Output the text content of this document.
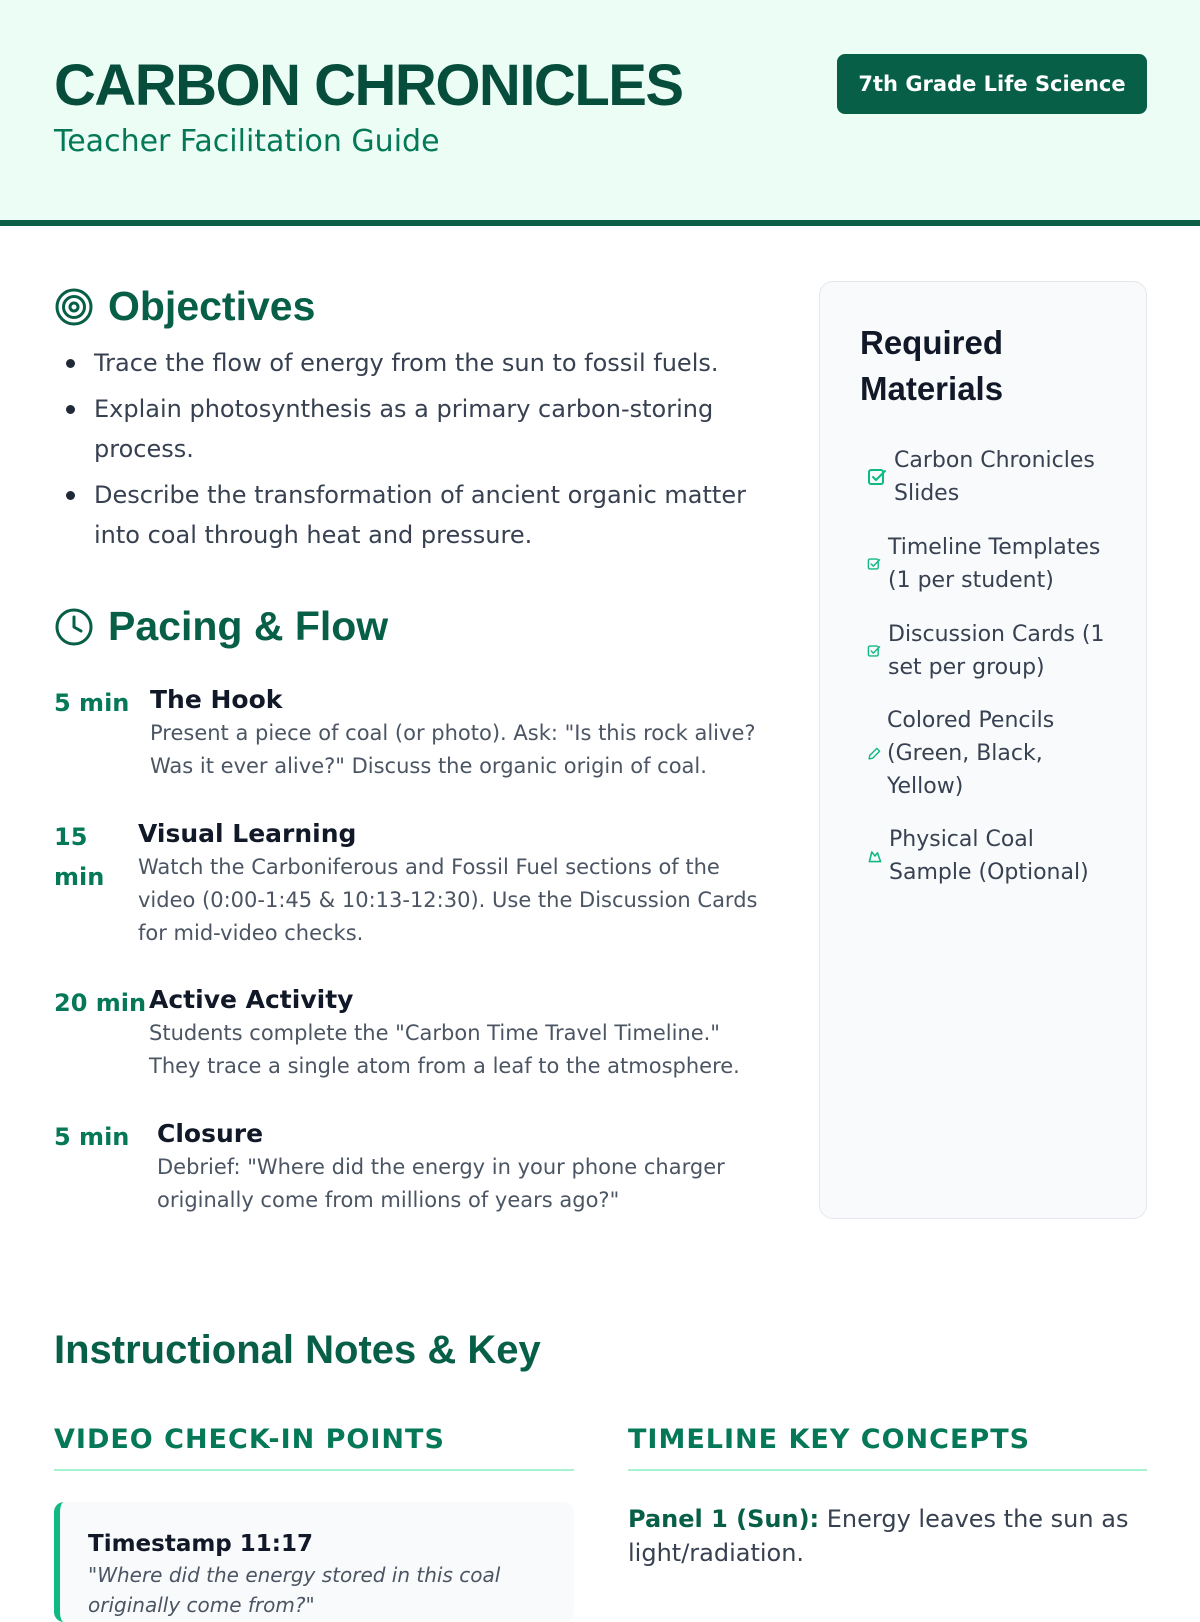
CARBON CHRONICLES
Teacher Facilitation Guide
7th Grade Life Science
Objectives
Trace the flow of energy from the sun to fossil fuels.
Explain photosynthesis as a primary carbon-storing process.
Describe the transformation of ancient organic matter into coal through heat and pressure.
Pacing & Flow
5 min The Hook
Present a piece of coal (or photo). Ask: "Is this rock alive? Was it ever alive?" Discuss the organic origin of coal.
15 min
Visual Learning
Watch the Carboniferous and Fossil Fuel sections of the video (0:00-1:45 & 10:13-12:30). Use the Discussion Cards for mid-video checks.
20 min Active Activity
Students complete the "Carbon Time Travel Timeline." They trace a single atom from a leaf to the atmosphere.
5 min	Closure
Debrief: "Where did the energy in your phone charger originally come from millions of years ago?"
Required Materials
Carbon Chronicles Slides
Timeline Templates (1 per student)
Discussion Cards (1 set per group)
Colored Pencils (Green, Black, Yellow)
Physical Coal Sample (Optional)
Instructional Notes & Key
VIDEO CHECK-IN POINTS	TIMELINE KEY CONCEPTS
Timestamp 11:17
"Where did the energy stored in this coal originally come from?"
Panel 1 (Sun): Energy leaves the sun as light/radiation.
